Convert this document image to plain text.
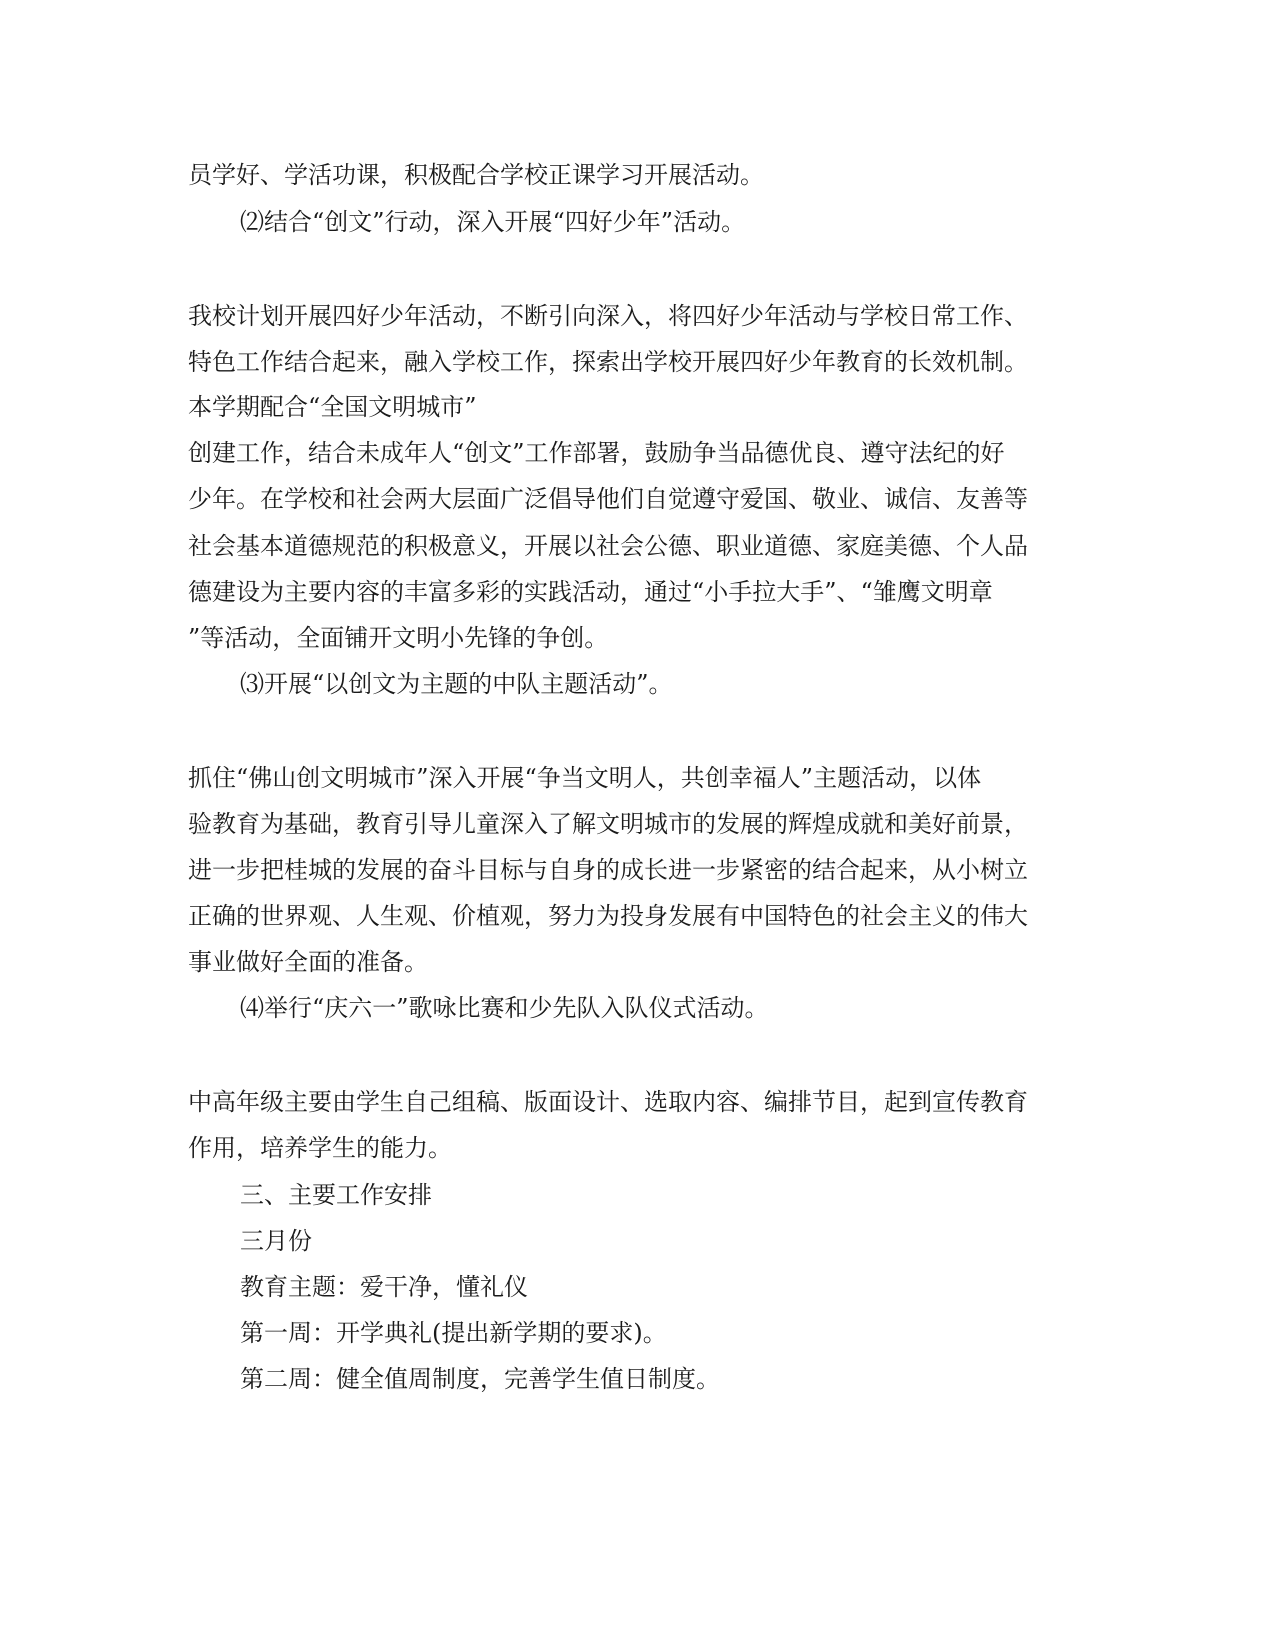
员学好、学活功课，积极配合学校正课学习开展活动。
⑵结合“创文”行动，深入开展“四好少年”活动。
我校计划开展四好少年活动，不断引向深入，将四好少年活动与学校日常工作、
特色工作结合起来，融入学校工作，探索出学校开展四好少年教育的长效机制。
本学期配合“全国文明城市”
创建工作，结合未成年人“创文”工作部署，鼓励争当品德优良、遵守法纪的好
少年。在学校和社会两大层面广泛倡导他们自觉遵守爱国、敬业、诚信、友善等
社会基本道德规范的积极意义，开展以社会公德、职业道德、家庭美德、个人品
德建设为主要内容的丰富多彩的实践活动，通过“小手拉大手”、“雏鹰文明章
”等活动，全面铺开文明小先锋的争创。
⑶开展“以创文为主题的中队主题活动”。
抓住“佛山创文明城市”深入开展“争当文明人，共创幸福人”主题活动，以体
验教育为基础，教育引导儿童深入了解文明城市的发展的辉煌成就和美好前景，
进一步把桂城的发展的奋斗目标与自身的成长进一步紧密的结合起来，从小树立
正确的世界观、人生观、价植观，努力为投身发展有中国特色的社会主义的伟大
事业做好全面的准备。
⑷举行“庆六一”歌咏比赛和少先队入队仪式活动。
中高年级主要由学生自己组稿、版面设计、选取内容、编排节目，起到宣传教育
作用，培养学生的能力。
三、主要工作安排
三月份
教育主题：爱干净，懂礼仪
第一周：开学典礼(提出新学期的要求)。
第二周：健全值周制度，完善学生值日制度。
